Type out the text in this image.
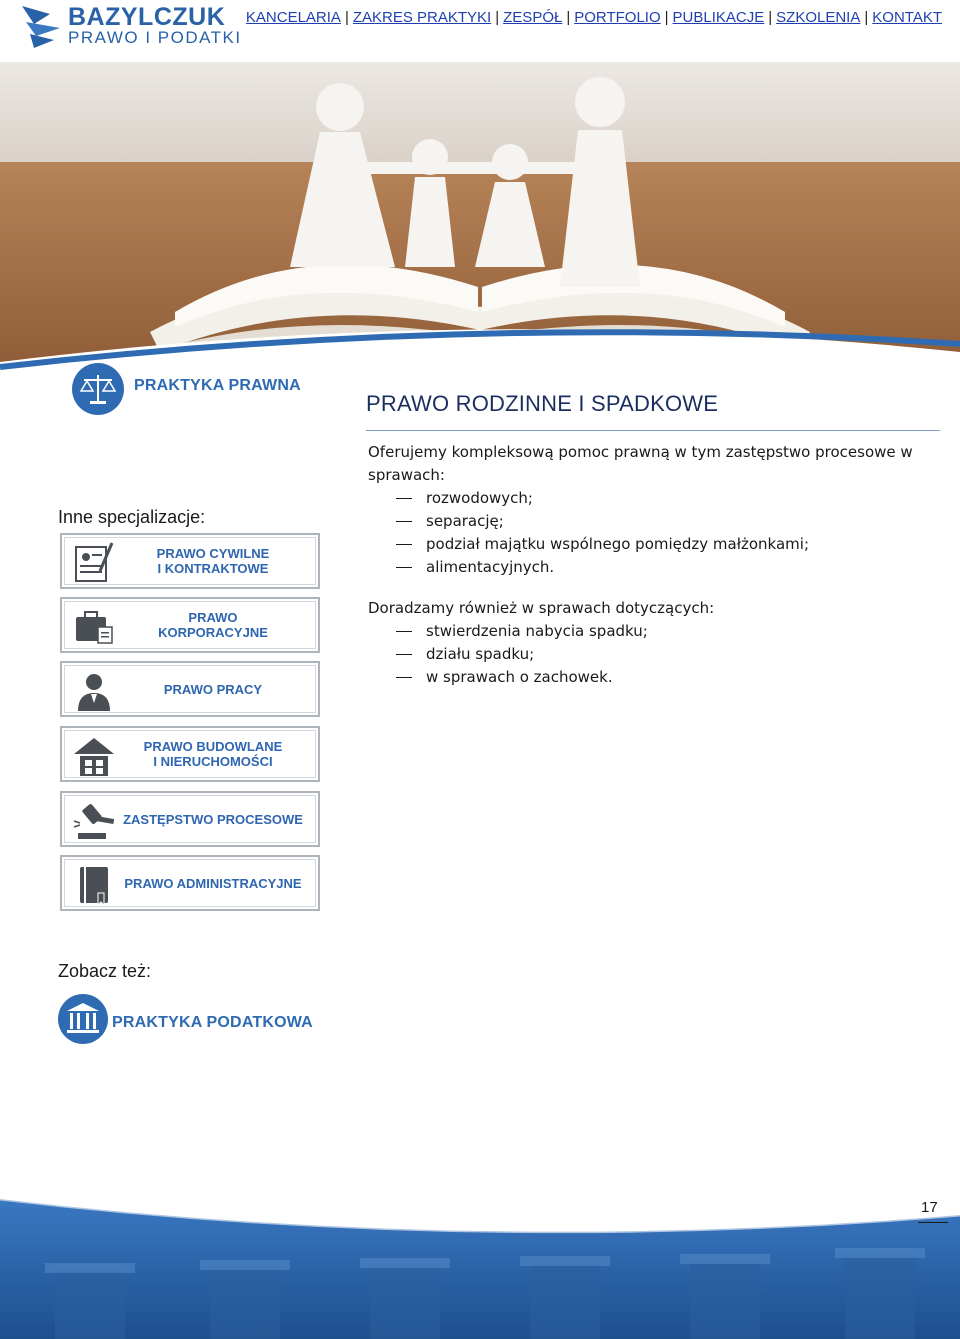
BAZYLCZUK
PRAWO I PODATKI
KANCELARIA | ZAKRES PRAKTYKI | ZESPÓŁ | PORTFOLIO | PUBLIKACJE | SZKOLENIA | KONTAKT
PRAKTYKA PRAWNA
Inne specjalizacje:
PRAWO CYWILNE
I KONTRAKTOWE
PRAWO
KORPORACYJNE
PRAWO PRACY
PRAWO BUDOWLANE
I NIERUCHOMOŚCI
ZASTĘPSTWO PROCESOWE
PRAWO ADMINISTRACYJNE
Zobacz też:
PRAKTYKA PODATKOWA
PRAWO RODZINNE I SPADKOWE
Oferujemy kompleksową pomoc prawną w tym zastępstwo procesowe w sprawach:
rozwodowych;
separację;
podział majątku wspólnego pomiędzy małżonkami;
alimentacyjnych.
Doradzamy również w sprawach dotyczących:
stwierdzenia nabycia spadku;
działu spadku;
w sprawach o zachowek.
17
